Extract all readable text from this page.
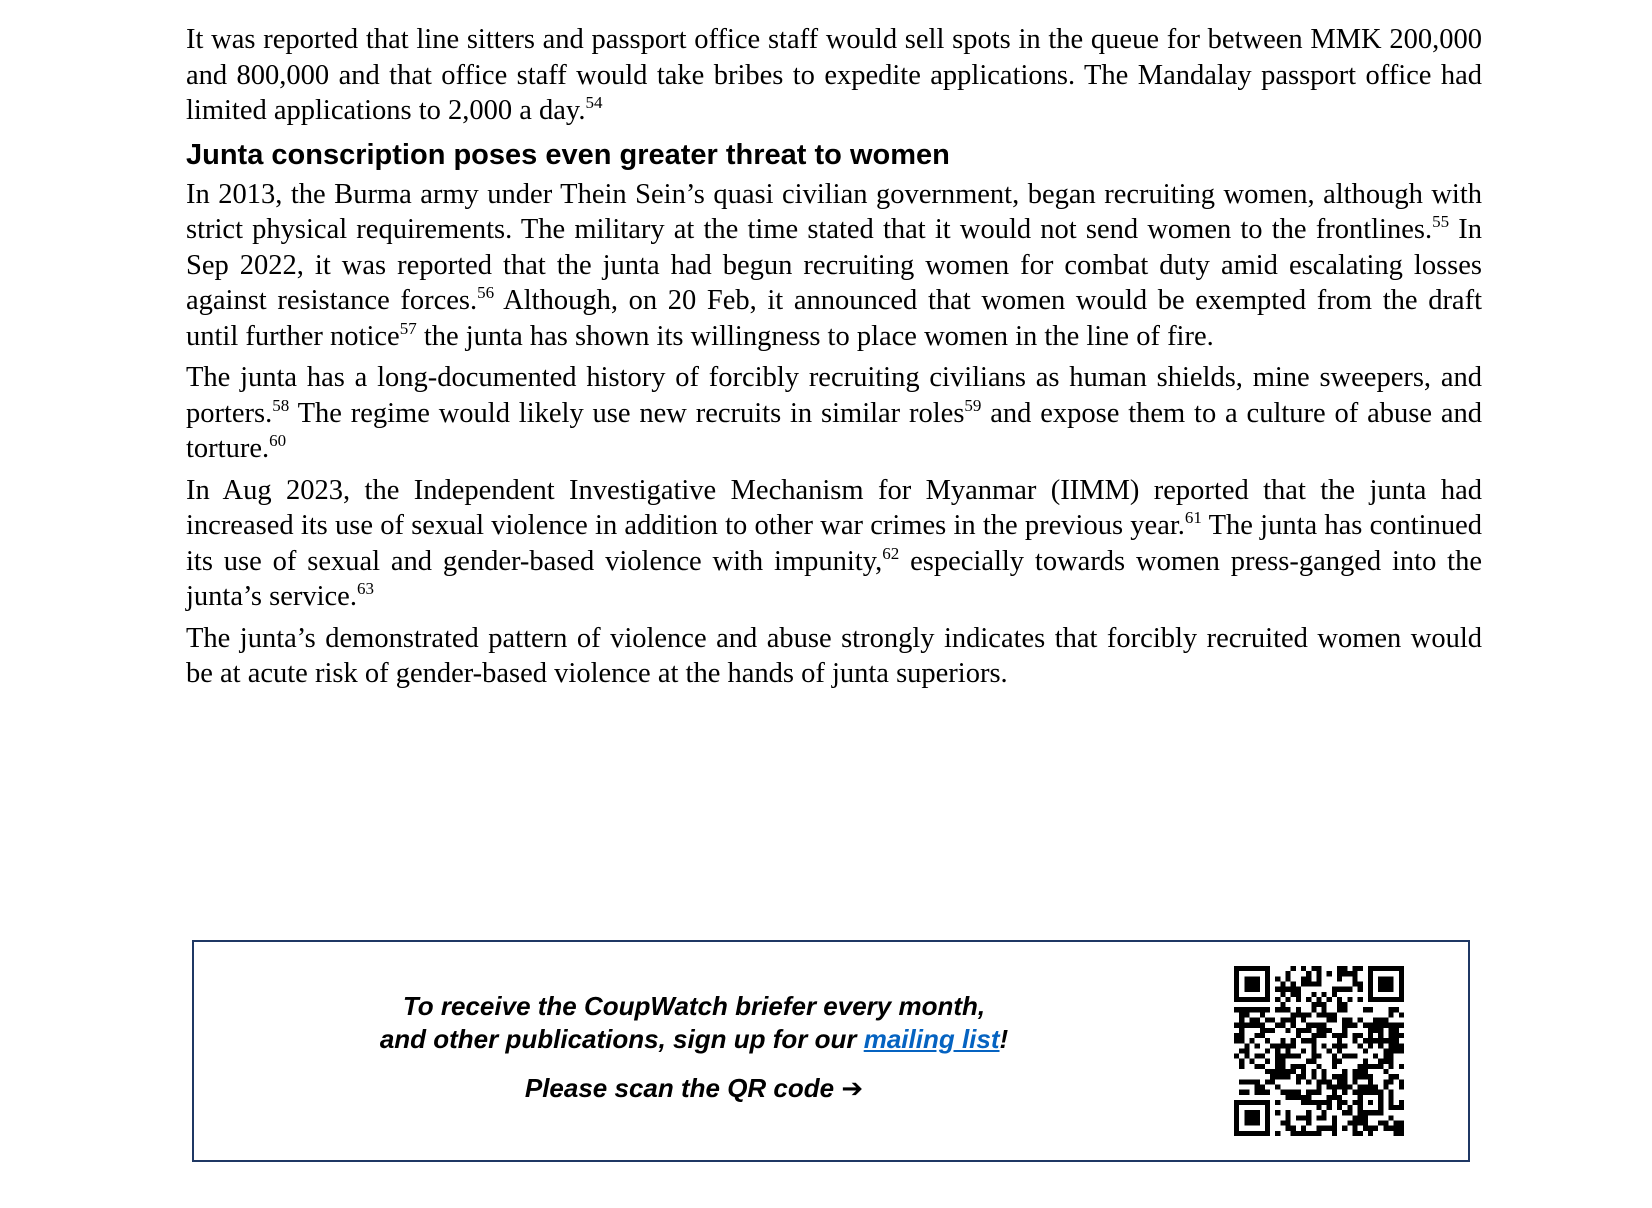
It was reported that line sitters and passport office staff would sell spots in the queue for between MMK 200,000 and 800,000 and that office staff would take bribes to expedite applications. The Mandalay passport office had limited applications to 2,000 a day.$^{54}$

Junta conscription poses even greater threat to women

In 2013, the Burma army under Thein Sein’s quasi civilian government, began recruiting women, although with strict physical requirements. The military at the time stated that it would not send women to the frontlines.$^{55}$ In Sep 2022, it was reported that the junta had begun recruiting women for combat duty amid escalating losses against resistance forces.$^{56}$ Although, on 20 Feb, it announced that women would be exempted from the draft until further notice$^{57}$ the junta has shown its willingness to place women in the line of fire.

The junta has a long-documented history of forcibly recruiting civilians as human shields, mine sweepers, and porters.$^{58}$ The regime would likely use new recruits in similar roles$^{59}$ and expose them to a culture of abuse and torture.$^{60}$

In Aug 2023, the Independent Investigative Mechanism for Myanmar (IIMM) reported that the junta had increased its use of sexual violence in addition to other war crimes in the previous year.$^{61}$ The junta has continued its use of sexual and gender-based violence with impunity,$^{62}$ especially towards women press-ganged into the junta’s service.$^{63}$

The junta’s demonstrated pattern of violence and abuse strongly indicates that forcibly recruited women would be at acute risk of gender-based violence at the hands of junta superiors.

To receive the CoupWatch briefer every month,
and other publications, sign up for our mailing list!
Please scan the QR code ➔
